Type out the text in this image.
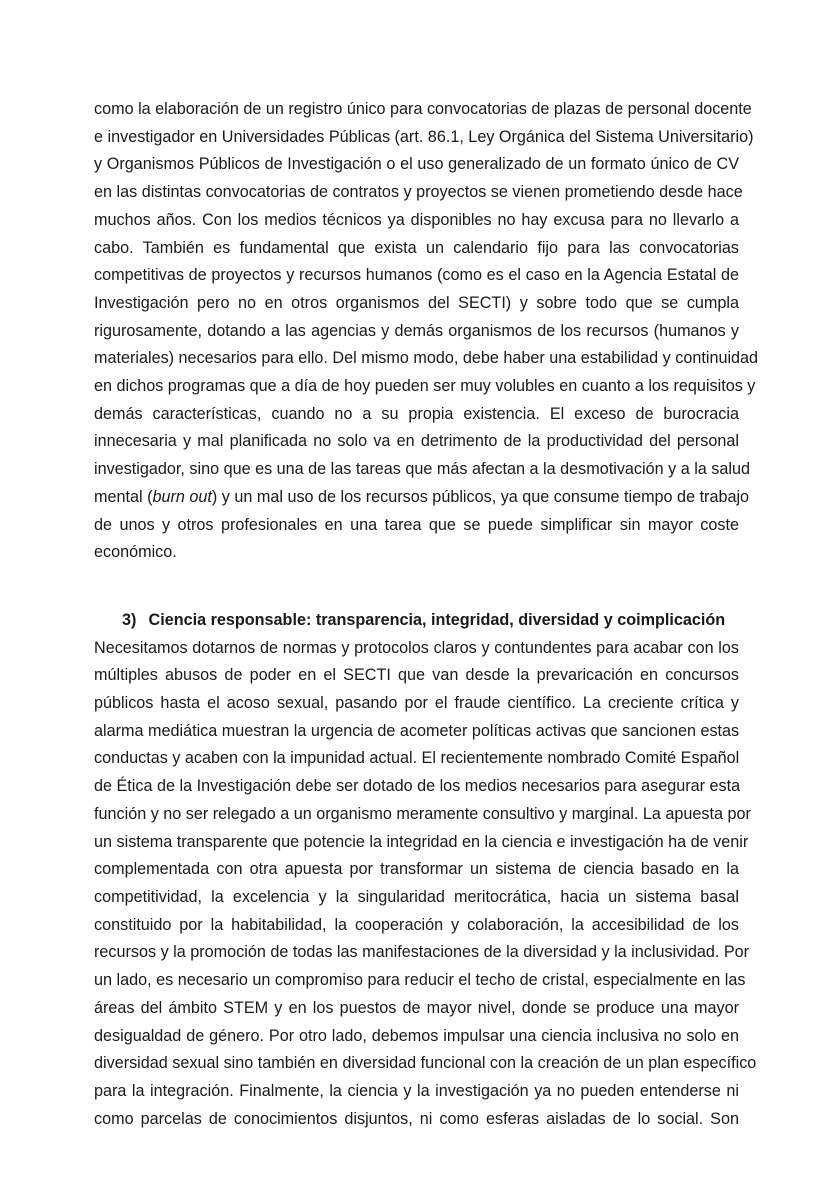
como la elaboración de un registro único para convocatorias de plazas de personal docente
e investigador en Universidades Públicas (art. 86.1, Ley Orgánica del Sistema Universitario)
y Organismos Públicos de Investigación o el uso generalizado de un formato único de CV
en las distintas convocatorias de contratos y proyectos se vienen prometiendo desde hace
muchos años. Con los medios técnicos ya disponibles no hay excusa para no llevarlo a
cabo. También es fundamental que exista un calendario fijo para las convocatorias
competitivas de proyectos y recursos humanos (como es el caso en la Agencia Estatal de
Investigación pero no en otros organismos del SECTI) y sobre todo que se cumpla
rigurosamente, dotando a las agencias y demás organismos de los recursos (humanos y
materiales) necesarios para ello. Del mismo modo, debe haber una estabilidad y continuidad
en dichos programas que a día de hoy pueden ser muy volubles en cuanto a los requisitos y
demás características, cuando no a su propia existencia. El exceso de burocracia
innecesaria y mal planificada no solo va en detrimento de la productividad del personal
investigador, sino que es una de las tareas que más afectan a la desmotivación y a la salud
mental (burn out) y un mal uso de los recursos públicos, ya que consume tiempo de trabajo
de unos y otros profesionales en una tarea que se puede simplificar sin mayor coste
económico.
3) Ciencia responsable: transparencia, integridad, diversidad y coimplicación
Necesitamos dotarnos de normas y protocolos claros y contundentes para acabar con los
múltiples abusos de poder en el SECTI que van desde la prevaricación en concursos
públicos hasta el acoso sexual, pasando por el fraude científico. La creciente crítica y
alarma mediática muestran la urgencia de acometer políticas activas que sancionen estas
conductas y acaben con la impunidad actual. El recientemente nombrado Comité Español
de Ética de la Investigación debe ser dotado de los medios necesarios para asegurar esta
función y no ser relegado a un organismo meramente consultivo y marginal. La apuesta por
un sistema transparente que potencie la integridad en la ciencia e investigación ha de venir
complementada con otra apuesta por transformar un sistema de ciencia basado en la
competitividad, la excelencia y la singularidad meritocrática, hacia un sistema basal
constituido por la habitabilidad, la cooperación y colaboración, la accesibilidad de los
recursos y la promoción de todas las manifestaciones de la diversidad y la inclusividad. Por
un lado, es necesario un compromiso para reducir el techo de cristal, especialmente en las
áreas del ámbito STEM y en los puestos de mayor nivel, donde se produce una mayor
desigualdad de género. Por otro lado, debemos impulsar una ciencia inclusiva no solo en
diversidad sexual sino también en diversidad funcional con la creación de un plan específico
para la integración. Finalmente, la ciencia y la investigación ya no pueden entenderse ni
como parcelas de conocimientos disjuntos, ni como esferas aisladas de lo social. Son
